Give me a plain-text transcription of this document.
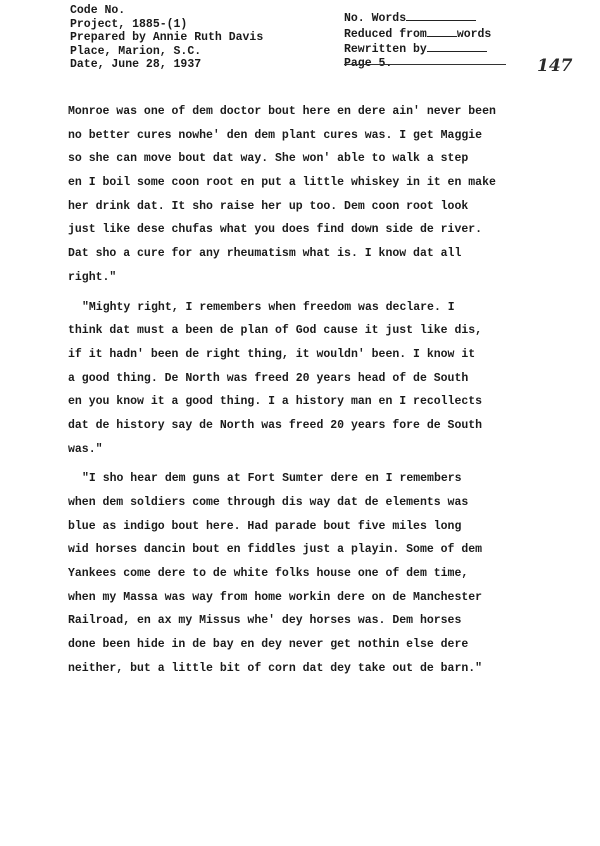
Code No.
Project, 1885-(1)
Prepared by Annie Ruth Davis
Place, Marion, S.C.
Date, June 28, 1937
No. Words
Reduced from	words
Rewritten by
Page 5.	147
Monroe was one of dem doctor bout here en dere ain' never been
no better cures nowhe' den dem plant cures was. I get Maggie
so she can move bout dat way. She won' able to walk a step
en I boil some coon root en put a little whiskey in it en make
her drink dat. It sho raise her up too. Dem coon root look
just like dese chufas what you does find down side de river.
Dat sho a cure for any rheumatism what is. I know dat all
right."
"Mighty right, I remembers when freedom was declare. I
think dat must a been de plan of God cause it just like dis,
if it hadn' been de right thing, it wouldn' been. I know it
a good thing. De North was freed 20 years head of de South
en you know it a good thing. I a history man en I recollects
dat de history say de North was freed 20 years fore de South
was."
"I sho hear dem guns at Fort Sumter dere en I remembers
when dem soldiers come through dis way dat de elements was
blue as indigo bout here. Had parade bout five miles long
wid horses dancin bout en fiddles just a playin. Some of dem
Yankees come dere to de white folks house one of dem time,
when my Massa was way from home workin dere on de Manchester
Railroad, en ax my Missus whe' dey horses was. Dem horses
done been hide in de bay en dey never get nothin else dere
neither, but a little bit of corn dat dey take out de barn."
